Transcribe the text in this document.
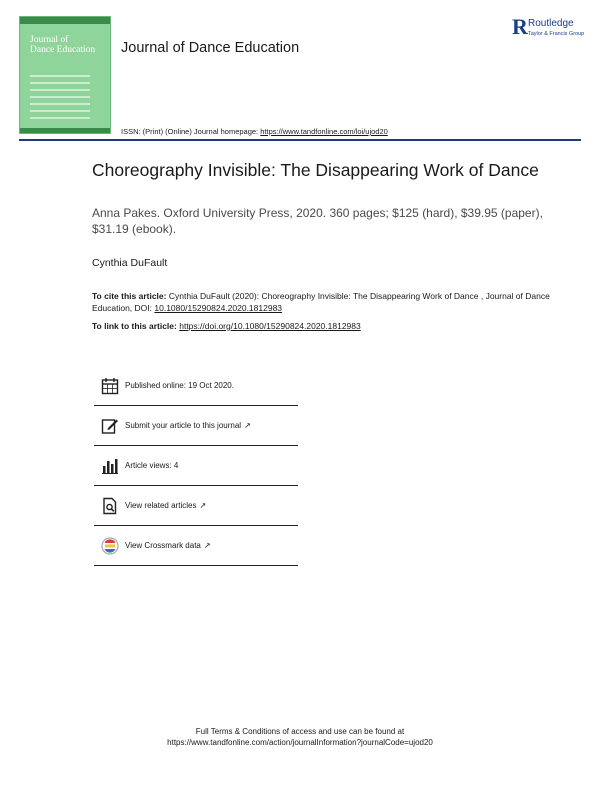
Journal of
Dance Education Journal of Dance Education
ISSN: (Print) (Online) Journal homepage: https://www.tandfonline.com/loi/ujod20
R Routledge
Taylor & Francis Group
Choreography Invisible: The Disappearing Work of Dance
Anna Pakes. Oxford University Press, 2020. 360 pages; $125 (hard), $39.95 (paper), $31.19 (ebook).
Cynthia DuFault
To cite this article: Cynthia DuFault (2020): Choreography Invisible: The Disappearing Work of Dance , Journal of Dance Education, DOI: 10.1080/15290824.2020.1812983
To link to this article: https://doi.org/10.1080/15290824.2020.1812983
Published online: 19 Oct 2020.
Submit your article to this journal ↗
Article views: 4
View related articles ↗
View Crossmark data ↗
Full Terms & Conditions of access and use can be found at
https://www.tandfonline.com/action/journalInformation?journalCode=ujod20
